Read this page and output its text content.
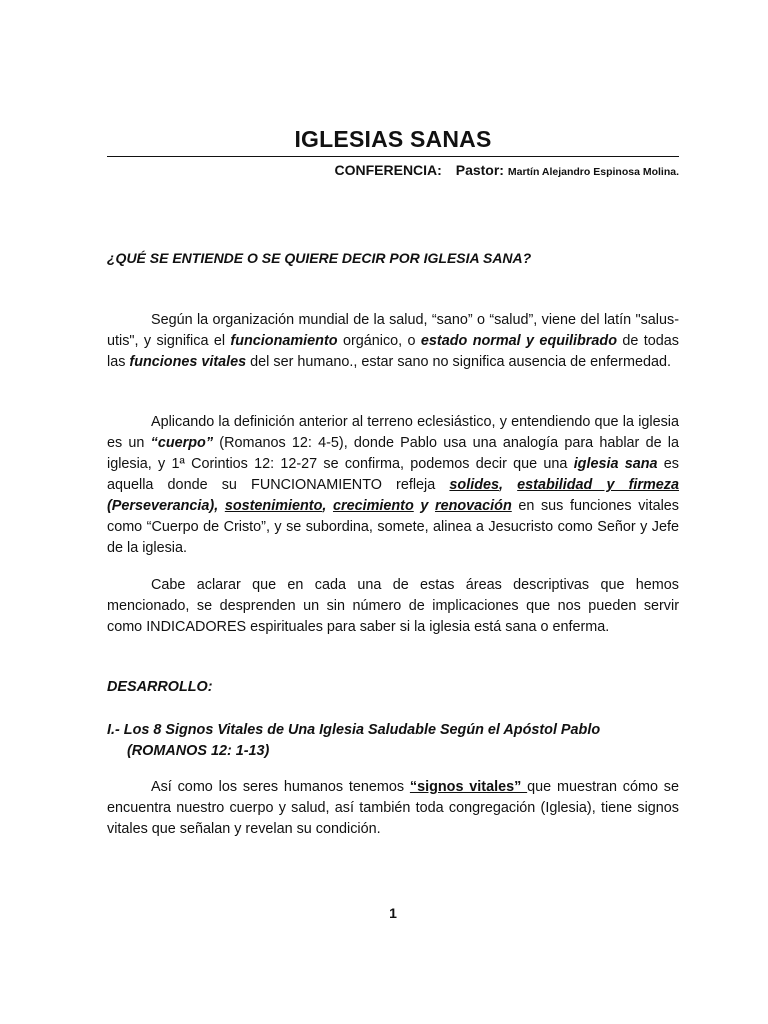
IGLESIAS SANAS
CONFERENCIA: Pastor: Martín Alejandro Espinosa Molina.
¿QUÉ SE ENTIENDE O SE QUIERE DECIR POR IGLESIA SANA?
Según la organización mundial de la salud, “sano” o “salud”, viene del latín "salus-utis", y significa el funcionamiento orgánico, o estado normal y equilibrado de todas las funciones vitales del ser humano., estar sano no significa ausencia de enfermedad.
Aplicando la definición anterior al terreno eclesiástico, y entendiendo que la iglesia es un “cuerpo” (Romanos 12: 4-5), donde Pablo usa una analogía para hablar de la iglesia, y 1ª Corintios 12: 12-27 se confirma, podemos decir que una iglesia sana es aquella donde su FUNCIONAMIENTO refleja solides, estabilidad y firmeza (Perseverancia), sostenimiento, crecimiento y renovación en sus funciones vitales como “Cuerpo de Cristo”, y se subordina, somete, alinea a Jesucristo como Señor y Jefe de la iglesia.
Cabe aclarar que en cada una de estas áreas descriptivas que hemos mencionado, se desprenden un sin número de implicaciones que nos pueden servir como INDICADORES espirituales para saber si la iglesia está sana o enferma.
DESARROLLO:
I.- Los 8 Signos Vitales de Una Iglesia Saludable Según el Apóstol Pablo
(ROMANOS 12: 1-13)
Así como los seres humanos tenemos “signos vitales” que muestran cómo se encuentra nuestro cuerpo y salud, así también toda congregación (Iglesia), tiene signos vitales que señalan y revelan su condición.
1
